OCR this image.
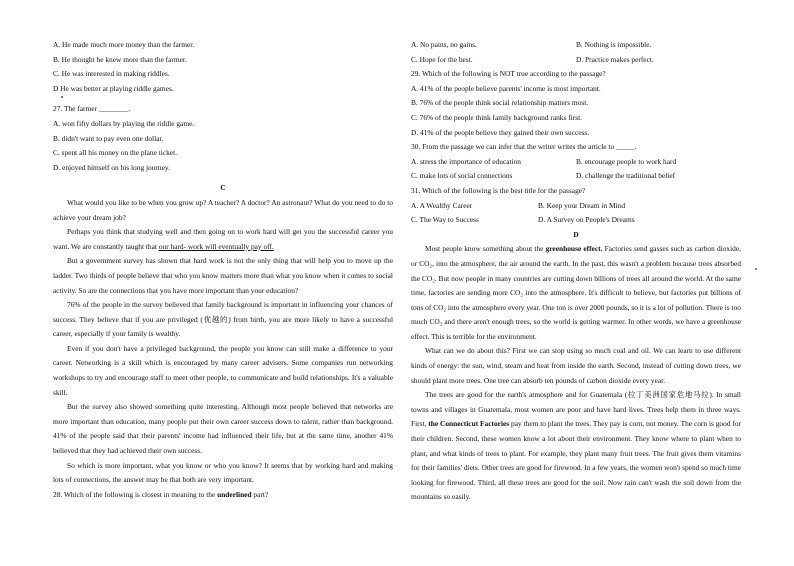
A. He made much more money than the farmer.
B. He thought he knew more than the farmer.
C. He was interested in making riddles.
D He was better at playing riddle games.
27. The farmer ________.
A. won fifty dollars by playing the riddle game.
B. didn't want to pay even one dollar.
C. spent all his money on the plane ticket.
D. enjoyed himself on his long journey.
C

What would you like to be when you grow up? A teacher? A doctor? An astronaut? What do you need to do to achieve your dream job?

Perhaps you think that studying well and then going on to work hard will get you the successful career you want. We are constantly taught that our hard- work will eventually pay off.

But a government survey has shown that hard work is not the only thing that will help you to move up the ladder. Two thirds of people believe that who you know matters more than what you know when it comes to social activity. So are the connections that you have more important than your education?

76% of the people in the survey believed that family background is important in influencing your chances of success. They believe that if you are privileged (优越的) from birth, you are more likely to have a successful career, especially if your family is wealthy.

Even if you don't have a privileged background, the people you know can still make a difference to your career. Networking is a skill which is encouraged by many career advisers. Some companies run networking workshops to try and encourage staff to meet other people, to communicate and build relationships. It's a valuable skill.

But the survey also showed something quite interesting. Although most people believed that networks are more important than education, many people put their own career success down to talent, rather than background. 41% of the people said that their parents' income had influenced their life, but at the same time, another 41% believed that they had achieved their own success.

So which is more important, what you know or who you know? It seems that by working hard and making lots of connections, the answer may be that both are very important.

28. Which of the following is closest in meaning to the underlined part?
A. No pains, no gains.	B. Nothing is impossible.
C. Hope for the best.	D. Practice makes perfect.
29. Which of the following is NOT true according to the passage?
A. 41% of the people believe parents' income is most important.
B. 76% of the people think social relationship matters most.
C. 76% of the people think family background ranks first.
D. 41% of the people believe they gained their own success.
30. From the passage we can infer that the writer writes the article to _____.
A. stress the importance of education	B. encourage people to work hard
C. make lots of social connections	D. challenge the traditional belief
31. Which of the following is the best title for the passage?
A. A Wealthy Career	B. Keep your Dream in Mind
C. The Way to Success	D. A Survey on People's Dreams
D

Most people know something about the greenhouse effect. Factories send gasses such as carbon dioxide, or CO₂, into the atmosphere, the air around the earth. In the past, this wasn't a problem because trees absorbed the CO₂. But now people in many countries are cutting down billions of trees all around the world. At the same time, factories are sending more CO₂ into the atmosphere. It's difficult to believe, but factories put billions of tons of CO₂ into the atmosphere every year. One ton is over 2000 pounds, so it is a lot of pollution. There is too much CO₂ and there aren't enough trees, so the world is getting warmer. In other words, we have a greenhouse effect. This is terrible for the environment.

What can we do about this? First we can stop using so much coal and oil. We can learn to use different kinds of energy: the sun, wind, steam and heat from inside the earth. Second, instead of cutting down trees, we should plant more trees. One tree can absorb ten pounds of carbon dioxide every year.

The trees are good for the earth's atmosphere and for Guatemala (拉丁美洲国家危地马拉). In small towns and villages in Guatemala, most women are poor and have hard lives. Trees help them in three ways. First, the Connecticut Factories pay them to plant the trees. They pay is corn, not money. The corn is good for their children. Second, these women know a lot about their environment. They know where to plant when to plant, and what kinds of trees to plant. For example, they plant many fruit trees. The fruit gives them vitamins for their families' diets. Other trees are good for firewood. In a few years, the women won't spend so much time looking for firewood. Third, all these trees are good for the soil. Now rain can't wash the soil down from the mountains so easily.
